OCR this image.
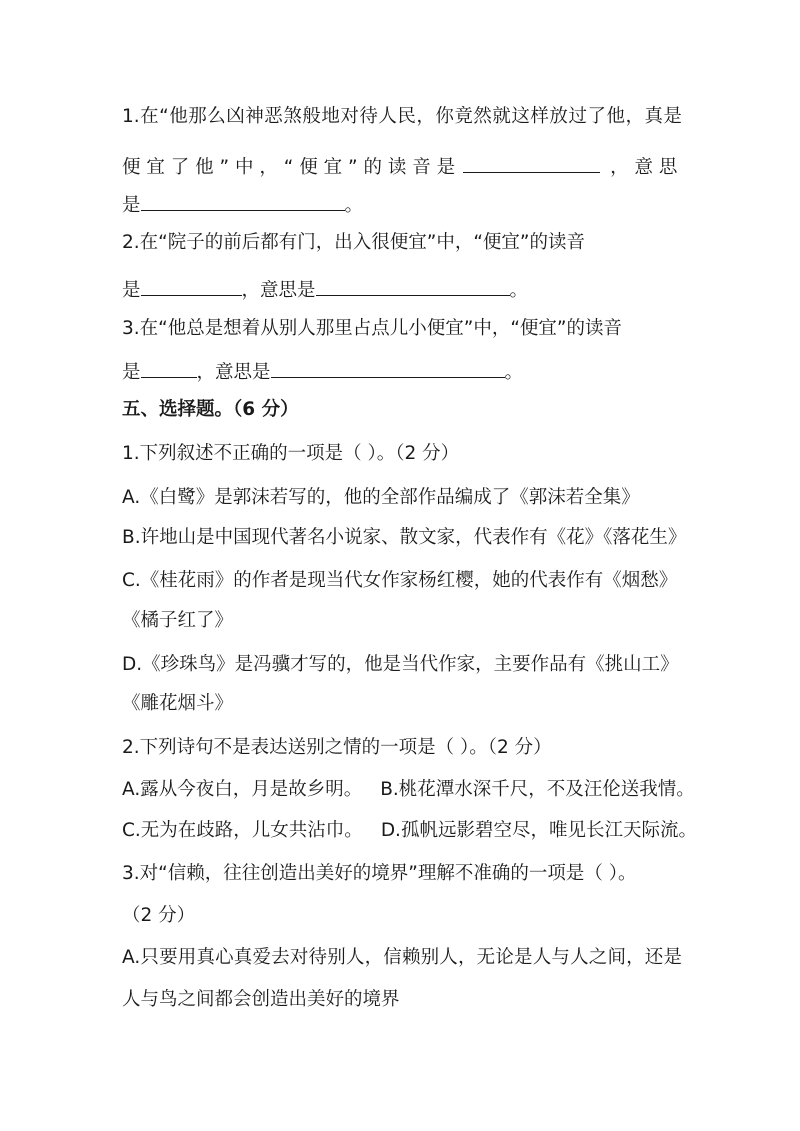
1.在“他那么凶神恶煞般地对待人民，你竟然就这样放过了他，真是
便 宜 了 他 ” 中 ， “ 便 宜 ” 的 读 音 是	， 意 思
是	。
2.在“院子的前后都有门，出入很便宜”中，“便宜”的读音
是	，意思是	。
3.在“他总是想着从别人那里占点儿小便宜”中，“便宜”的读音
是	，意思是	。
五、选择题。（6 分）
1.下列叙述不正确的一项是（ ）。（2 分）
A.《白鹭》是郭沫若写的，他的全部作品编成了《郭沫若全集》
B.许地山是中国现代著名小说家、散文家，代表作有《花》《落花生》
C.《桂花雨》的作者是现当代女作家杨红樱，她的代表作有《烟愁》
《橘子红了》
D.《珍珠鸟》是冯骥才写的，他是当代作家，主要作品有《挑山工》
《雕花烟斗》
2.下列诗句不是表达送别之情的一项是（ ）。（2 分）
A.露从今夜白，月是故乡明。 B.桃花潭水深千尺，不及汪伦送我情。
C.无为在歧路，儿女共沾巾。 D.孤帆远影碧空尽，唯见长江天际流。
3.对“信赖，往往创造出美好的境界”理解不准确的一项是（ ）。
（2 分）
A.只要用真心真爱去对待别人，信赖别人，无论是人与人之间，还是
人与鸟之间都会创造出美好的境界
